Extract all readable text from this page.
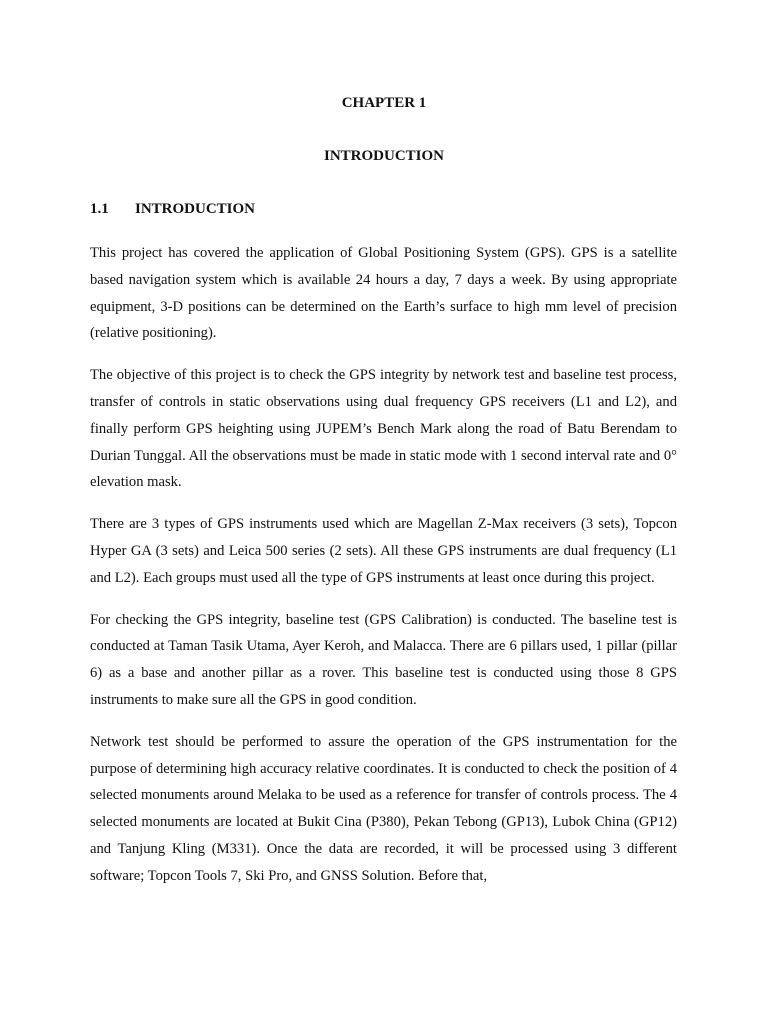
CHAPTER 1
INTRODUCTION
1.1 INTRODUCTION

This project has covered the application of Global Positioning System (GPS). GPS is a satellite based navigation system which is available 24 hours a day, 7 days a week. By using appropriate equipment, 3-D positions can be determined on the Earth’s surface to high mm level of precision (relative positioning).

The objective of this project is to check the GPS integrity by network test and baseline test process, transfer of controls in static observations using dual frequency GPS receivers (L1 and L2), and finally perform GPS heighting using JUPEM’s Bench Mark along the road of Batu Berendam to Durian Tunggal. All the observations must be made in static mode with 1 second interval rate and 0° elevation mask.

There are 3 types of GPS instruments used which are Magellan Z-Max receivers (3 sets), Topcon Hyper GA (3 sets) and Leica 500 series (2 sets). All these GPS instruments are dual frequency (L1 and L2). Each groups must used all the type of GPS instruments at least once during this project.

For checking the GPS integrity, baseline test (GPS Calibration) is conducted. The baseline test is conducted at Taman Tasik Utama, Ayer Keroh, and Malacca. There are 6 pillars used, 1 pillar (pillar 6) as a base and another pillar as a rover. This baseline test is conducted using those 8 GPS instruments to make sure all the GPS in good condition.

Network test should be performed to assure the operation of the GPS instrumentation for the purpose of determining high accuracy relative coordinates. It is conducted to check the position of 4 selected monuments around Melaka to be used as a reference for transfer of controls process. The 4 selected monuments are located at Bukit Cina (P380), Pekan Tebong (GP13), Lubok China (GP12) and Tanjung Kling (M331). Once the data are recorded, it will be processed using 3 different software; Topcon Tools 7, Ski Pro, and GNSS Solution. Before that,
